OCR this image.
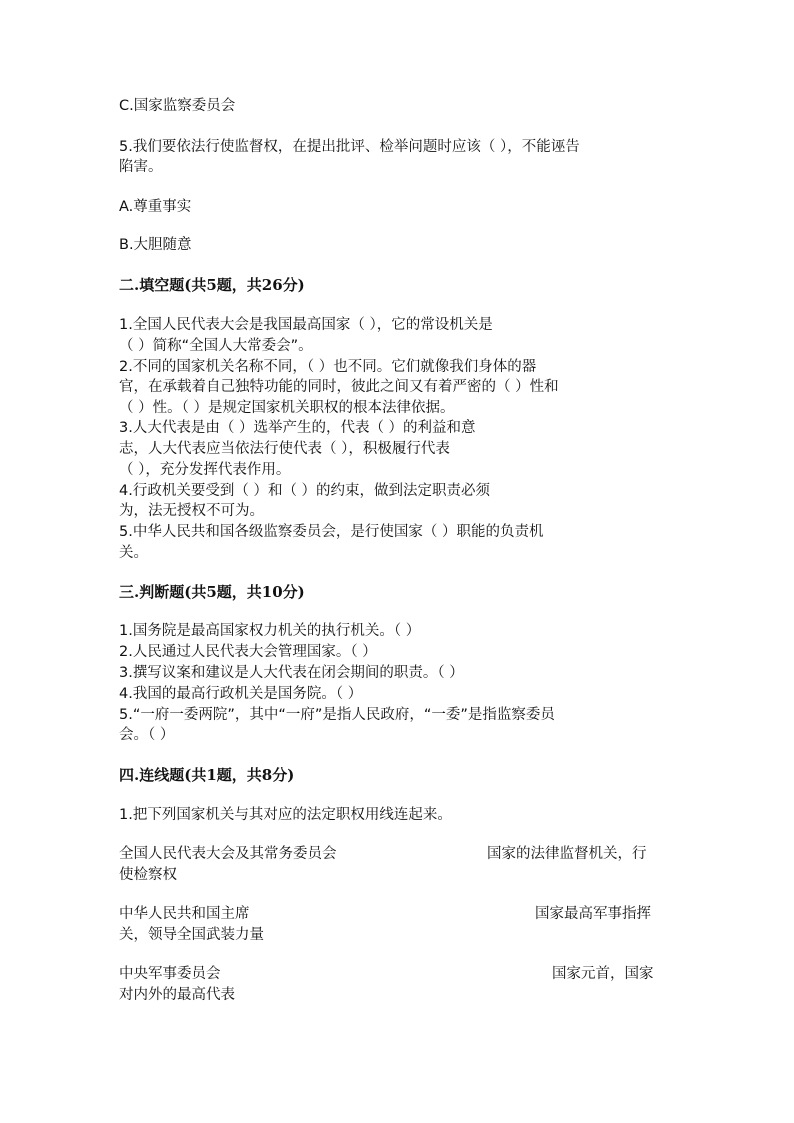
C.国家监察委员会
5.我们要依法行使监督权，在提出批评、检举问题时应该（ ），不能诬告
陷害。
A.尊重事实
B.大胆随意
二.填空题(共5题，共26分)
1.全国人民代表大会是我国最高国家（ ），它的常设机关是
（ ）简称“全国人大常委会”。
2.不同的国家机关名称不同，（ ）也不同。它们就像我们身体的器
官，在承载着自己独特功能的同时，彼此之间又有着严密的（ ）性和
（ ）性。（ ）是规定国家机关职权的根本法律依据。
3.人大代表是由（ ）选举产生的，代表（ ）的利益和意
志，人大代表应当依法行使代表（ ），积极履行代表
（ ），充分发挥代表作用。
4.行政机关要受到（ ）和（ ）的约束，做到法定职责必须
为，法无授权不可为。
5.中华人民共和国各级监察委员会，是行使国家（ ）职能的负责机
关。
三.判断题(共5题，共10分)
1.国务院是最高国家权力机关的执行机关。（ ）
2.人民通过人民代表大会管理国家。（ ）
3.撰写议案和建议是人大代表在闭会期间的职责。（ ）
4.我国的最高行政机关是国务院。（ ）
5.“一府一委两院”，其中“一府”是指人民政府，“一委”是指监察委员
会。（ ）
四.连线题(共1题，共8分)
1.把下列国家机关与其对应的法定职权用线连起来。
全国人民代表大会及其常务委员会	国家的法律监督机关，行
使检察权
中华人民共和国主席	国家最高军事指挥
关，领导全国武装力量
中央军事委员会	国家元首，国家
对内外的最高代表
